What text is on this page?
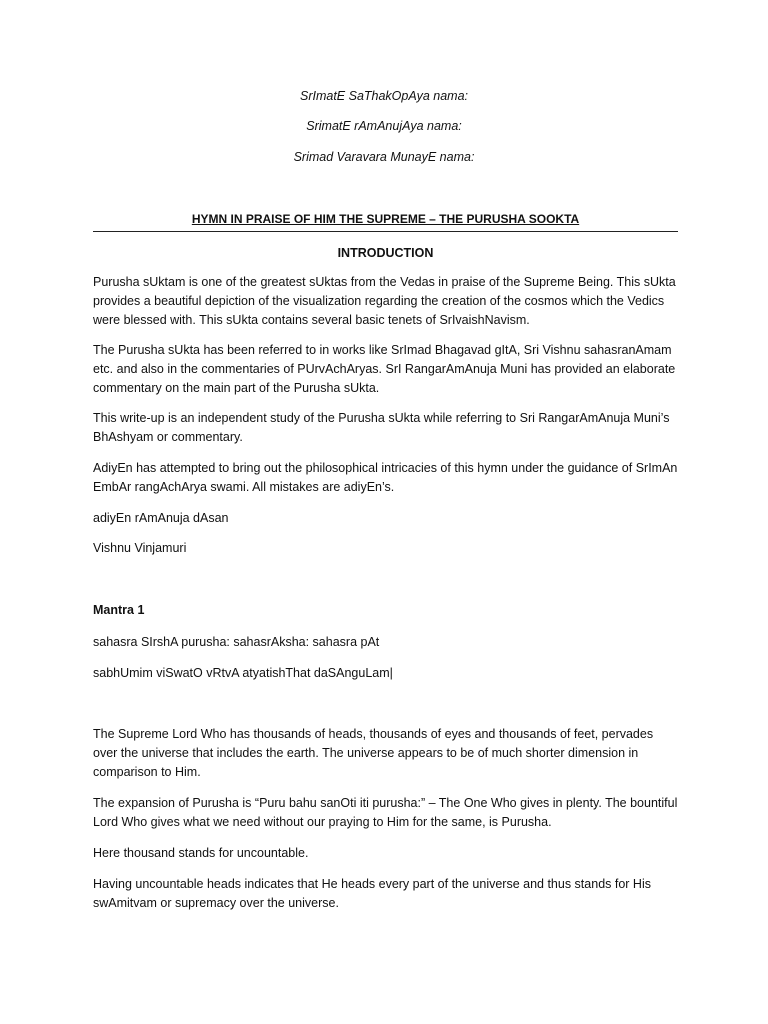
SrImatE SaThakOpAya nama:
SrimatE rAmAnujAya nama:
Srimad Varavara MunayE nama:
HYMN IN PRAISE OF HIM THE SUPREME – THE PURUSHA SOOKTA
INTRODUCTION

Purusha sUktam is one of the greatest sUktas from the Vedas in praise of the Supreme Being. This sUkta provides a beautiful depiction of the visualization regarding the creation of the cosmos which the Vedics were blessed with. This sUkta contains several basic tenets of SrIvaishNavism.

The Purusha sUkta has been referred to in works like SrImad Bhagavad gItA, Sri Vishnu sahasranAmam etc. and also in the commentaries of PUrvAchAryas. SrI RangarAmAnuja Muni has provided an elaborate commentary on the main part of the Purusha sUkta.

This write-up is an independent study of the Purusha sUkta while referring to Sri RangarAmAnuja Muni’s BhAshyam or commentary.

AdiyEn has attempted to bring out the philosophical intricacies of this hymn under the guidance of SrImAn EmbAr rangAchArya swami. All mistakes are adiyEn’s.

adiyEn rAmAnuja dAsan

Vishnu Vinjamuri

Mantra 1

sahasra SIrshA purusha: sahasrAksha: sahasra pAt

sabhUmim viSwatO vRtvA atyatishThat daSAnguLam|

The Supreme Lord Who has thousands of heads, thousands of eyes and thousands of feet, pervades over the universe that includes the earth. The universe appears to be of much shorter dimension in comparison to Him.

The expansion of Purusha is “Puru bahu sanOti iti purusha:” – The One Who gives in plenty. The bountiful Lord Who gives what we need without our praying to Him for the same, is Purusha.

Here thousand stands for uncountable.

Having uncountable heads indicates that He heads every part of the universe and thus stands for His swAmitvam or supremacy over the universe.
